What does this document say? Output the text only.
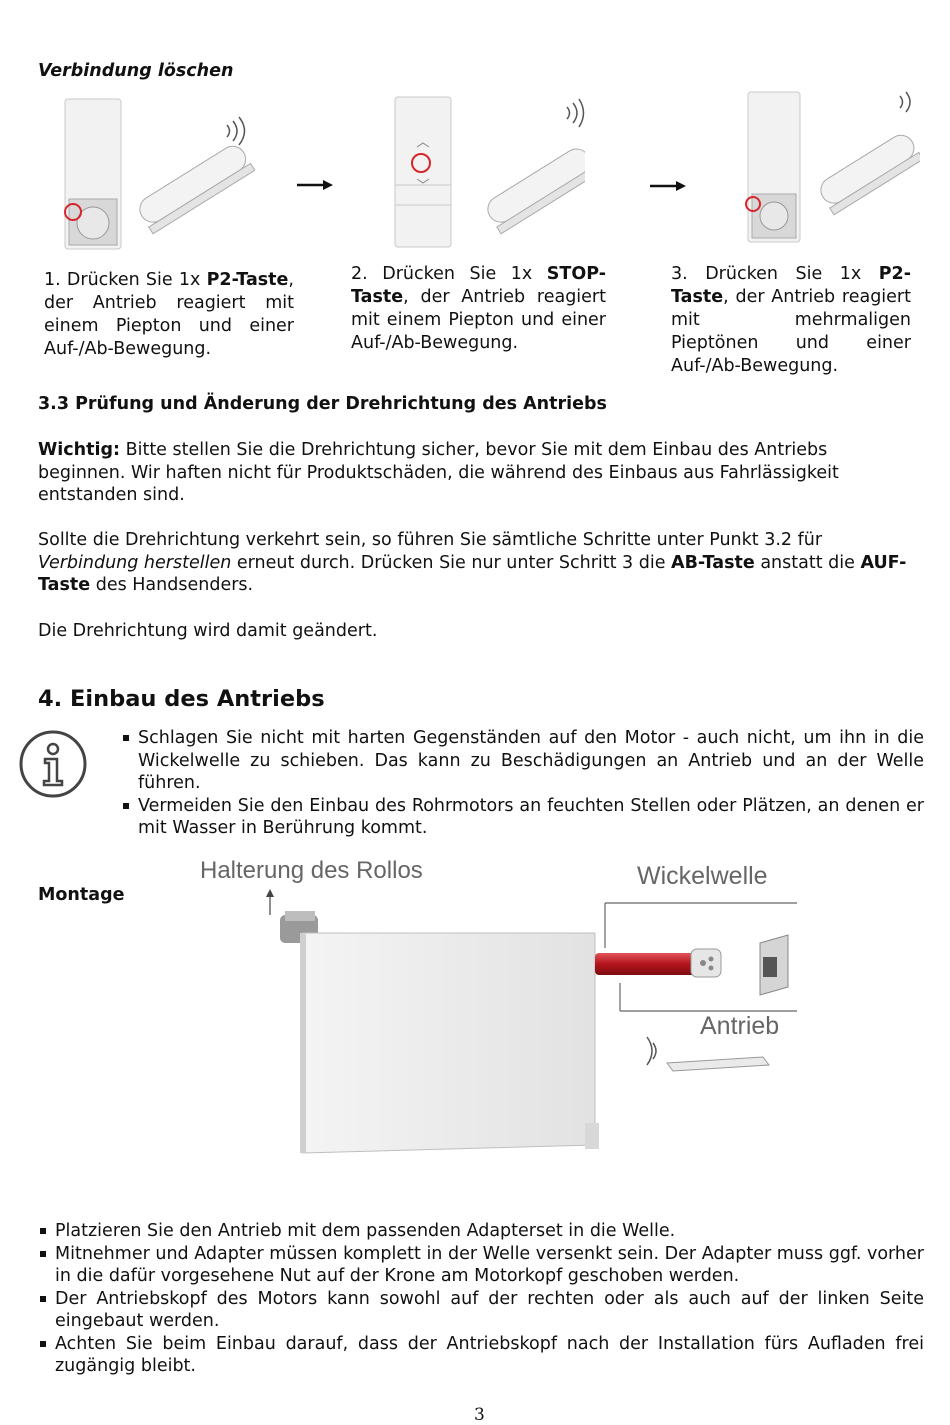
Verbindung löschen
1. Drücken Sie 1x P2-Taste, der Antrieb reagiert mit einem Piepton und einer Auf-/Ab-Bewegung.
2. Drücken Sie 1x STOP-Taste, der Antrieb reagiert mit einem Piepton und einer Auf-/Ab-Bewegung.
3. Drücken Sie 1x P2-Taste, der Antrieb reagiert mit mehrmaligen Pieptönen und einer Auf-/Ab-Bewegung.
3.3 Prüfung und Änderung der Drehrichtung des Antriebs
Wichtig: Bitte stellen Sie die Drehrichtung sicher, bevor Sie mit dem Einbau des Antriebs beginnen. Wir haften nicht für Produktschäden, die während des Einbaus aus Fahrlässigkeit entstanden sind.
Sollte die Drehrichtung verkehrt sein, so führen Sie sämtliche Schritte unter Punkt 3.2 für Verbindung herstellen erneut durch. Drücken Sie nur unter Schritt 3 die AB-Taste anstatt die AUF-Taste des Handsenders.
Die Drehrichtung wird damit geändert.
4. Einbau des Antriebs
Schlagen Sie nicht mit harten Gegenständen auf den Motor - auch nicht, um ihn in die Wickelwelle zu schieben. Das kann zu Beschädigungen an Antrieb und an der Welle führen.
Vermeiden Sie den Einbau des Rohrmotors an feuchten Stellen oder Plätzen, an denen er mit Wasser in Berührung kommt.
Montage
Halterung des Rollos	Wickelwelle
Antrieb
Platzieren Sie den Antrieb mit dem passenden Adapterset in die Welle.
Mitnehmer und Adapter müssen komplett in der Welle versenkt sein. Der Adapter muss ggf. vorher in die dafür vorgesehene Nut auf der Krone am Motorkopf geschoben werden.
Der Antriebskopf des Motors kann sowohl auf der rechten oder als auch auf der linken Seite eingebaut werden.
Achten Sie beim Einbau darauf, dass der Antriebskopf nach der Installation fürs Aufladen frei zugängig bleibt.
3
